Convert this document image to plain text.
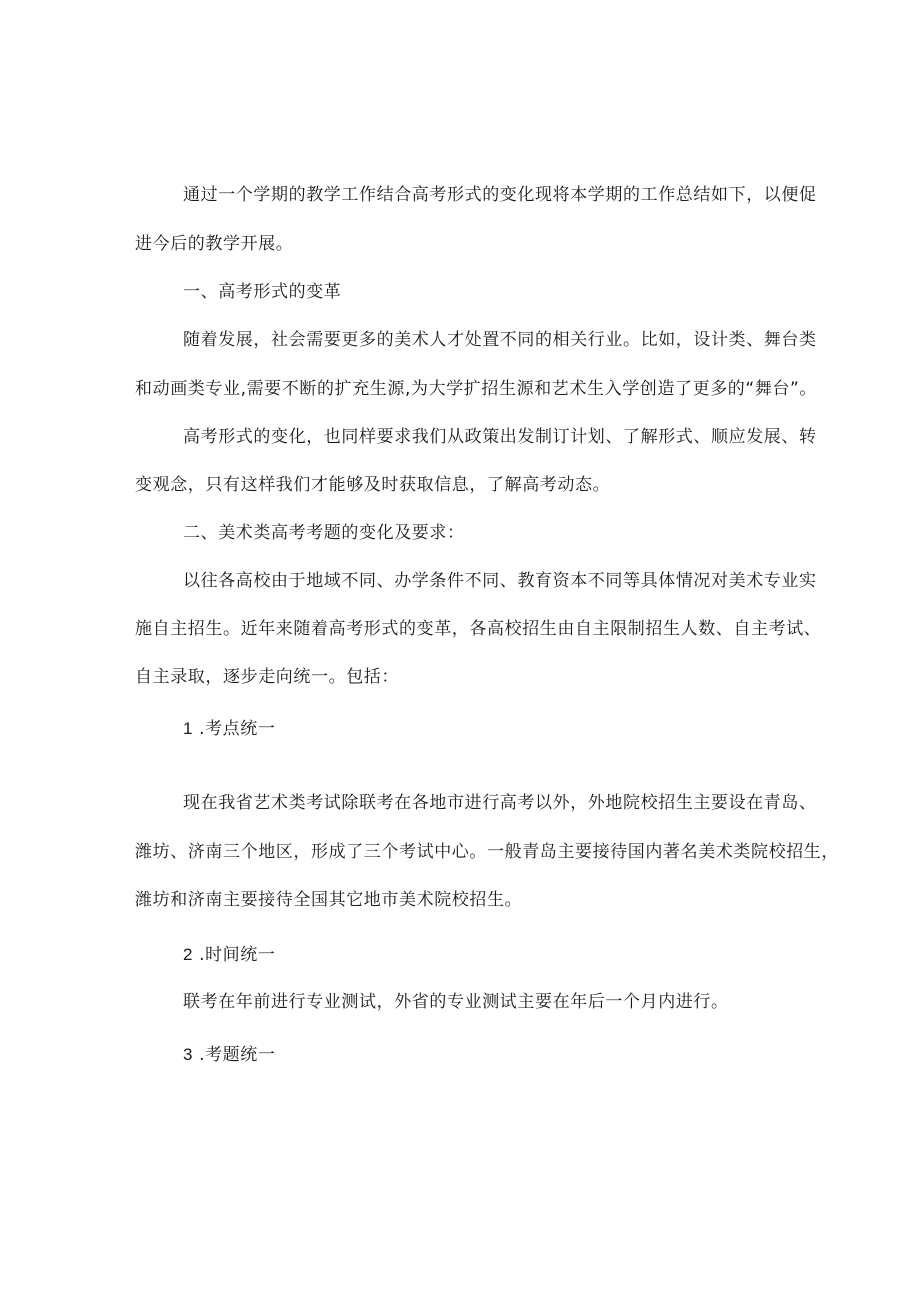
通过一个学期的教学工作结合高考形式的变化现将本学期的工作总结如下，以便促
进今后的教学开展。
一、高考形式的变革
随着发展，社会需要更多的美术人才处置不同的相关行业。比如，设计类、舞台类
和动画类专业,需要不断的扩充生源,为大学扩招生源和艺术生入学创造了更多的“舞台”。
高考形式的变化，也同样要求我们从政策出发制订计划、了解形式、顺应发展、转
变观念，只有这样我们才能够及时获取信息，了解高考动态。
二、美术类高考考题的变化及要求：
以往各高校由于地域不同、办学条件不同、教育资本不同等具体情况对美术专业实
施自主招生。近年来随着高考形式的变革，各高校招生由自主限制招生人数、自主考试、
自主录取，逐步走向统一。包括：
1 .考点统一
现在我省艺术类考试除联考在各地市进行高考以外，外地院校招生主要设在青岛、
潍坊、济南三个地区，形成了三个考试中心。一般青岛主要接待国内著名美术类院校招生，
潍坊和济南主要接待全国其它地市美术院校招生。
2 .时间统一
联考在年前进行专业测试，外省的专业测试主要在年后一个月内进行。
3 .考题统一
